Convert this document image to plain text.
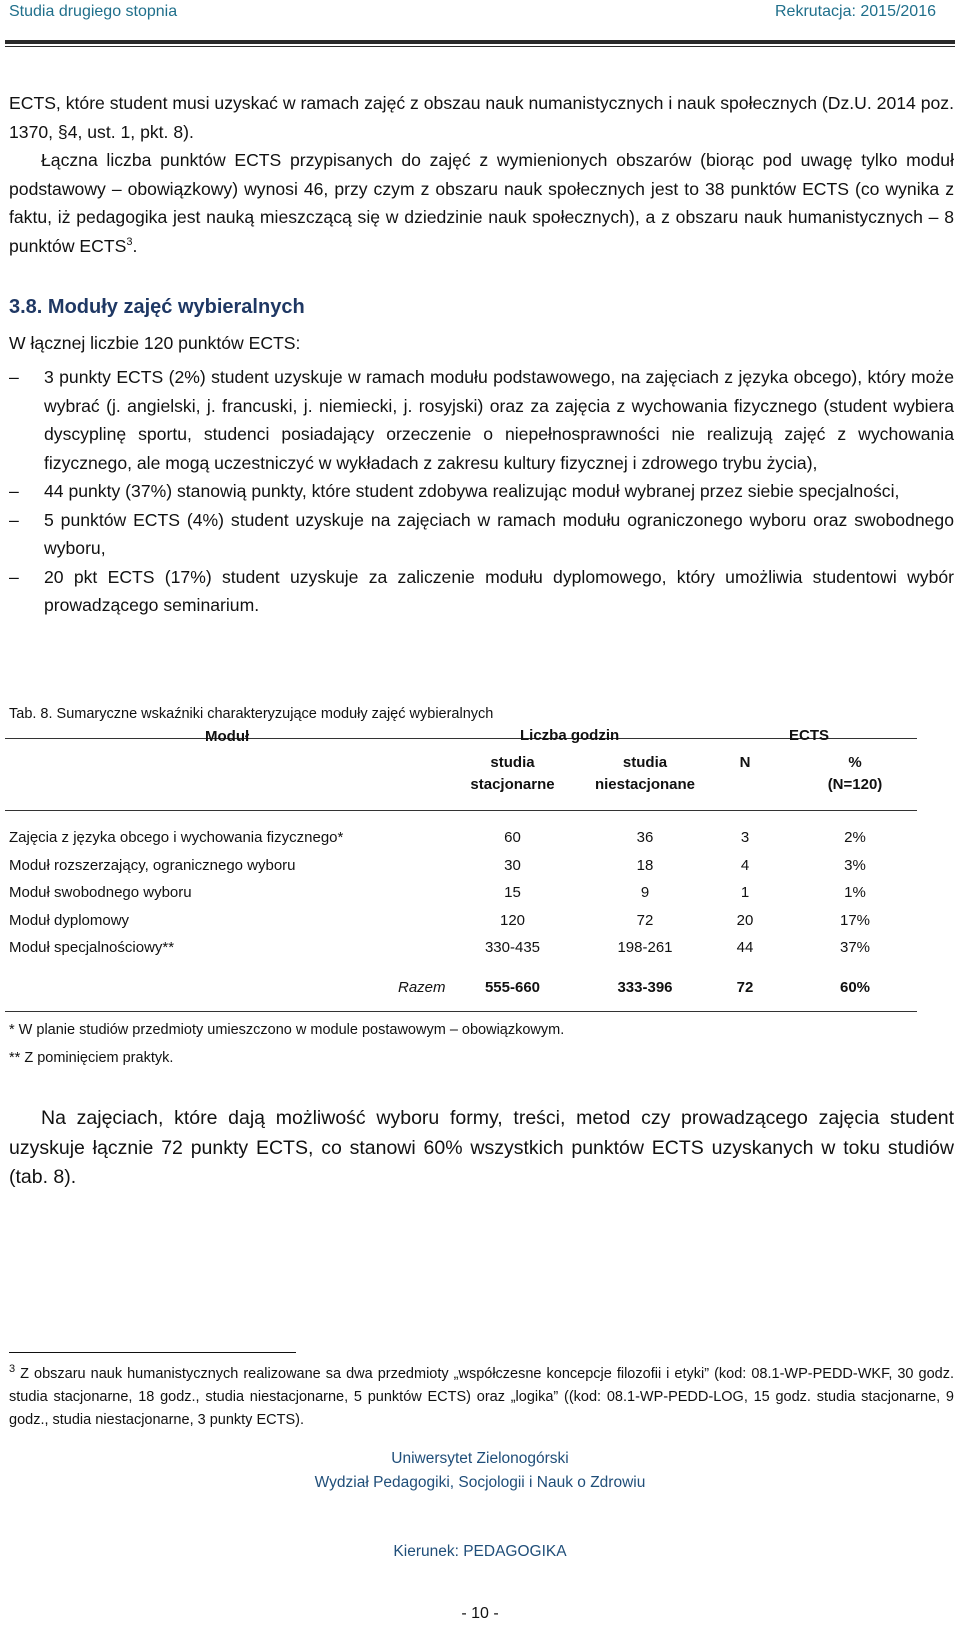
Studia drugiego stopnia	Rekrutacja: 2015/2016

ECTS, które student musi uzyskać w ramach zajęć z obszau nauk numanistycznych i nauk społecznych (Dz.U. 2014 poz. 1370, §4, ust. 1, pkt. 8).

Łączna liczba punktów ECTS przypisanych do zajęć z wymienionych obszarów (biorąc pod uwagę tylko moduł podstawowy – obowiązkowy) wynosi 46, przy czym z obszaru nauk społecznych jest to 38 punktów ECTS (co wynika z faktu, iż pedagogika jest nauką mieszczącą się w dziedzinie nauk społecznych), a z obszaru nauk humanistycznych – 8 punktów ECTS$^3$.

3.8. Moduły zajęć wybieralnych

W łącznej liczbie 120 punktów ECTS:

–	3 punkty ECTS (2%) student uzyskuje w ramach modułu podstawowego, na zajęciach z języka obcego), który może wybrać (j. angielski, j. francuski, j. niemiecki, j. rosyjski) oraz za zajęcia z wychowania fizycznego (student wybiera dyscyplinę sportu, studenci posiadający orzeczenie o niepełnosprawności nie realizują zajęć z wychowania fizycznego, ale mogą uczestniczyć w wykładach z zakresu kultury fizycznej i zdrowego trybu życia),
–	44 punkty (37%) stanowią punkty, które student zdobywa realizując moduł wybranej przez siebie specjalności,
–	5 punktów ECTS (4%) student uzyskuje na zajęciach w ramach modułu ograniczonego wyboru oraz swobodnego wyboru,
–	20 pkt ECTS (17%) student uzyskuje za zaliczenie modułu dyplomowego, który umożliwia studentowi wybór prowadzącego seminarium.

Tab. 8. Sumaryczne wskaźniki charakteryzujące moduły zajęć wybieralnych

Moduł	Liczba godzin	ECTS
studia
stacjonarne
studia
niestacjonane
N	%
(N=120)
Zajęcia z języka obcego i wychowania fizycznego*	60	36	3	2%
Moduł rozszerzający, ogranicznego wyboru	30	18	4	3%
Moduł swobodnego wyboru	15	9	1	1%
Moduł dyplomowy	120	72	20	17%
Moduł specjalnościowy**	330-435	198-261	44	37%
Razem	555-660	333-396	72	60%

* W planie studiów przedmioty umieszczono w module postawowym – obowiązkowym.

** Z pominięciem praktyk.

Na zajęciach, które dają możliwość wyboru formy, treści, metod czy prowadzącego zajęcia student uzyskuje łącznie 72 punkty ECTS, co stanowi 60% wszystkich punktów ECTS uzyskanych w toku studiów (tab. 8).

$^3$ Z obszaru nauk humanistycznych realizowane sa dwa przedmioty „współczesne koncepcje filozofii i etyki” (kod: 08.1-WP-PEDD-WKF, 30 godz. studia stacjonarne, 18 godz., studia niestacjonarne, 5 punktów ECTS) oraz „logika” ((kod: 08.1-WP-PEDD-LOG, 15 godz. studia stacjonarne, 9 godz., studia niestacjonarne, 3 punkty ECTS).

Uniwersytet Zielonogórski

Wydział Pedagogiki, Socjologii i Nauk o Zdrowiu

Kierunek: PEDAGOGIKA

- 10 -
